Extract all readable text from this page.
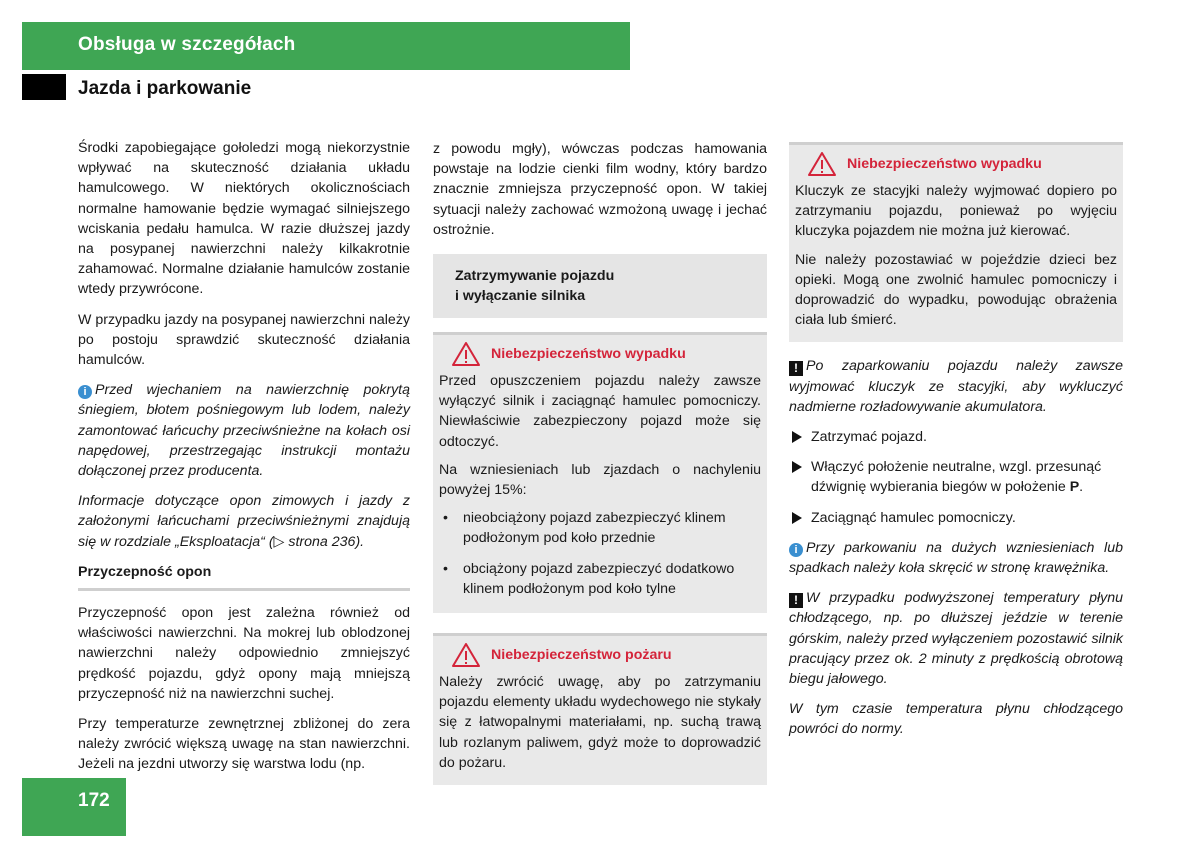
Obsługa w szczegółach
Jazda i parkowanie

Środki zapobiegające gołoledzi mogą niekorzystnie wpływać na skuteczność działania układu hamulcowego. W niektórych okolicznościach normalne hamowanie będzie wymagać silniejszego wciskania pedału hamulca. W razie dłuższej jazdy na posypanej nawierzchni należy kilkakrotnie zahamować. Normalne działanie hamulców zostanie wtedy przywrócone.

W przypadku jazdy na posypanej nawierzchni należy po postoju sprawdzić skuteczność działania hamulców.

i Przed wjechaniem na nawierzchnię pokrytą śniegiem, błotem pośniegowym lub lodem, należy zamontować łańcuchy przeciwśnieżne na kołach osi napędowej, przestrzegając instrukcji montażu dołączonej przez producenta.

Informacje dotyczące opon zimowych i jazdy z założonymi łańcuchami przeciwśnieżnymi znajdują się w rozdziale „Eksploatacja“ (▷ strona 236).

Przyczepność opon

Przyczepność opon jest zależna również od właściwości nawierzchni. Na mokrej lub oblodzonej nawierzchni należy odpowiednio zmniejszyć prędkość pojazdu, gdyż opony mają mniejszą przyczepność niż na nawierzchni suchej.

Przy temperaturze zewnętrznej zbliżonej do zera należy zwrócić większą uwagę na stan nawierzchni. Jeżeli na jezdni utworzy się warstwa lodu (np.

z powodu mgły), wówczas podczas hamowania powstaje na lodzie cienki film wodny, który bardzo znacznie zmniejsza przyczepność opon. W takiej sytuacji należy zachować wzmożoną uwagę i jechać ostrożnie.

Zatrzymywanie pojazdu
i wyłączanie silnika
Niebezpieczeństwo wypadku

Przed opuszczeniem pojazdu należy zawsze wyłączyć silnik i zaciągnąć hamulec pomocniczy. Niewłaściwie zabezpieczony pojazd może się odtoczyć.

Na wzniesieniach lub zjazdach o nachyleniu powyżej 15%:

• nieobciążony pojazd zabezpieczyć klinem podłożonym pod koło przednie
• obciążony pojazd zabezpieczyć dodatkowo klinem podłożonym pod koło tylne
Niebezpieczeństwo pożaru

Należy zwrócić uwagę, aby po zatrzymaniu pojazdu elementy układu wydechowego nie stykały się z łatwopalnymi materiałami, np. suchą trawą lub rozlanym paliwem, gdyż może to doprowadzić do pożaru.

Niebezpieczeństwo wypadku

Kluczyk ze stacyjki należy wyjmować dopiero po zatrzymaniu pojazdu, ponieważ po wyjęciu kluczyka pojazdem nie można już kierować.

Nie należy pozostawiać w pojeździe dzieci bez opieki. Mogą one zwolnić hamulec pomocniczy i doprowadzić do wypadku, powodując obrażenia ciała lub śmierć.

! Po zaparkowaniu pojazdu należy zawsze wyjmować kluczyk ze stacyjki, aby wykluczyć nadmierne rozładowywanie akumulatora.

Zatrzymać pojazd.
Włączyć położenie neutralne, wzgl. przesunąć dźwignię wybierania biegów w położenie P.
Zaciągnąć hamulec pomocniczy.

i Przy parkowaniu na dużych wzniesieniach lub spadkach należy koła skręcić w stronę krawężnika.

! W przypadku podwyższonej temperatury płynu chłodzącego, np. po dłuższej jeździe w terenie górskim, należy przed wyłączeniem pozostawić silnik pracujący przez ok. 2 minuty z prędkością obrotową biegu jałowego.

W tym czasie temperatura płynu chłodzącego powróci do normy.

172
